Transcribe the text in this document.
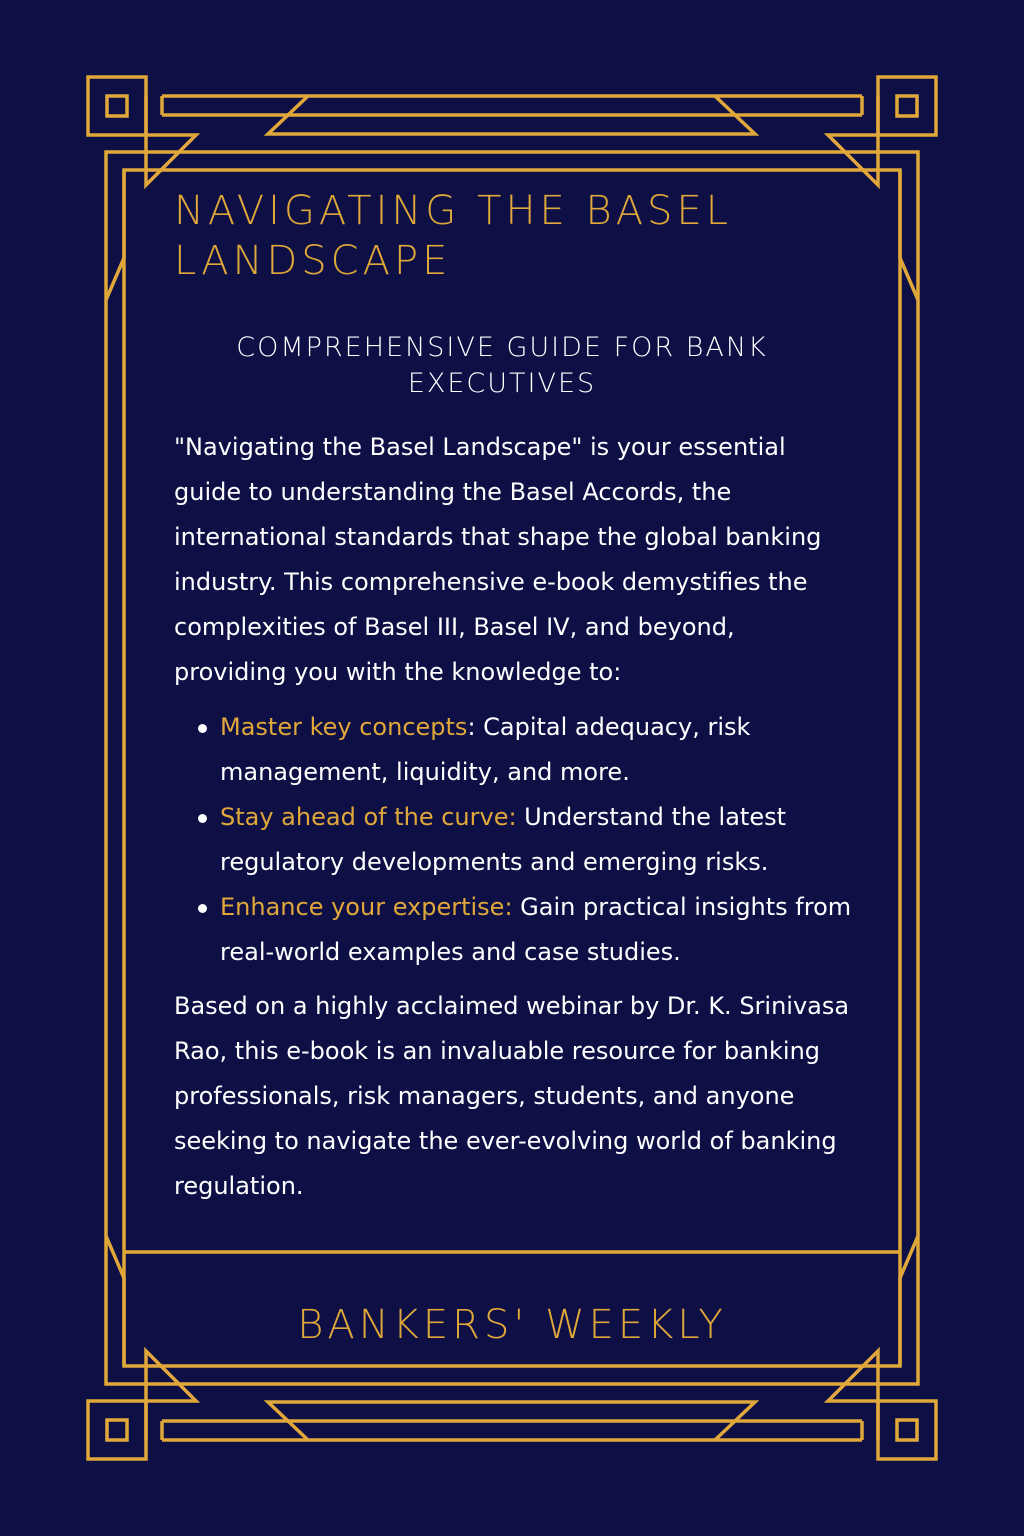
NAVIGATING THE BASEL LANDSCAPE
COMPREHENSIVE GUIDE FOR BANK EXECUTIVES

"Navigating the Basel Landscape" is your essential guide to understanding the Basel Accords, the international standards that shape the global banking industry. This comprehensive e-book demystifies the complexities of Basel III, Basel IV, and beyond, providing you with the knowledge to:

Master key concepts: Capital adequacy, risk management, liquidity, and more.
Stay ahead of the curve: Understand the latest regulatory developments and emerging risks.
Enhance your expertise: Gain practical insights from real-world examples and case studies.

Based on a highly acclaimed webinar by Dr. K. Srinivasa Rao, this e-book is an invaluable resource for banking professionals, risk managers, students, and anyone seeking to navigate the ever-evolving world of banking regulation.

BANKERS' WEEKLY
